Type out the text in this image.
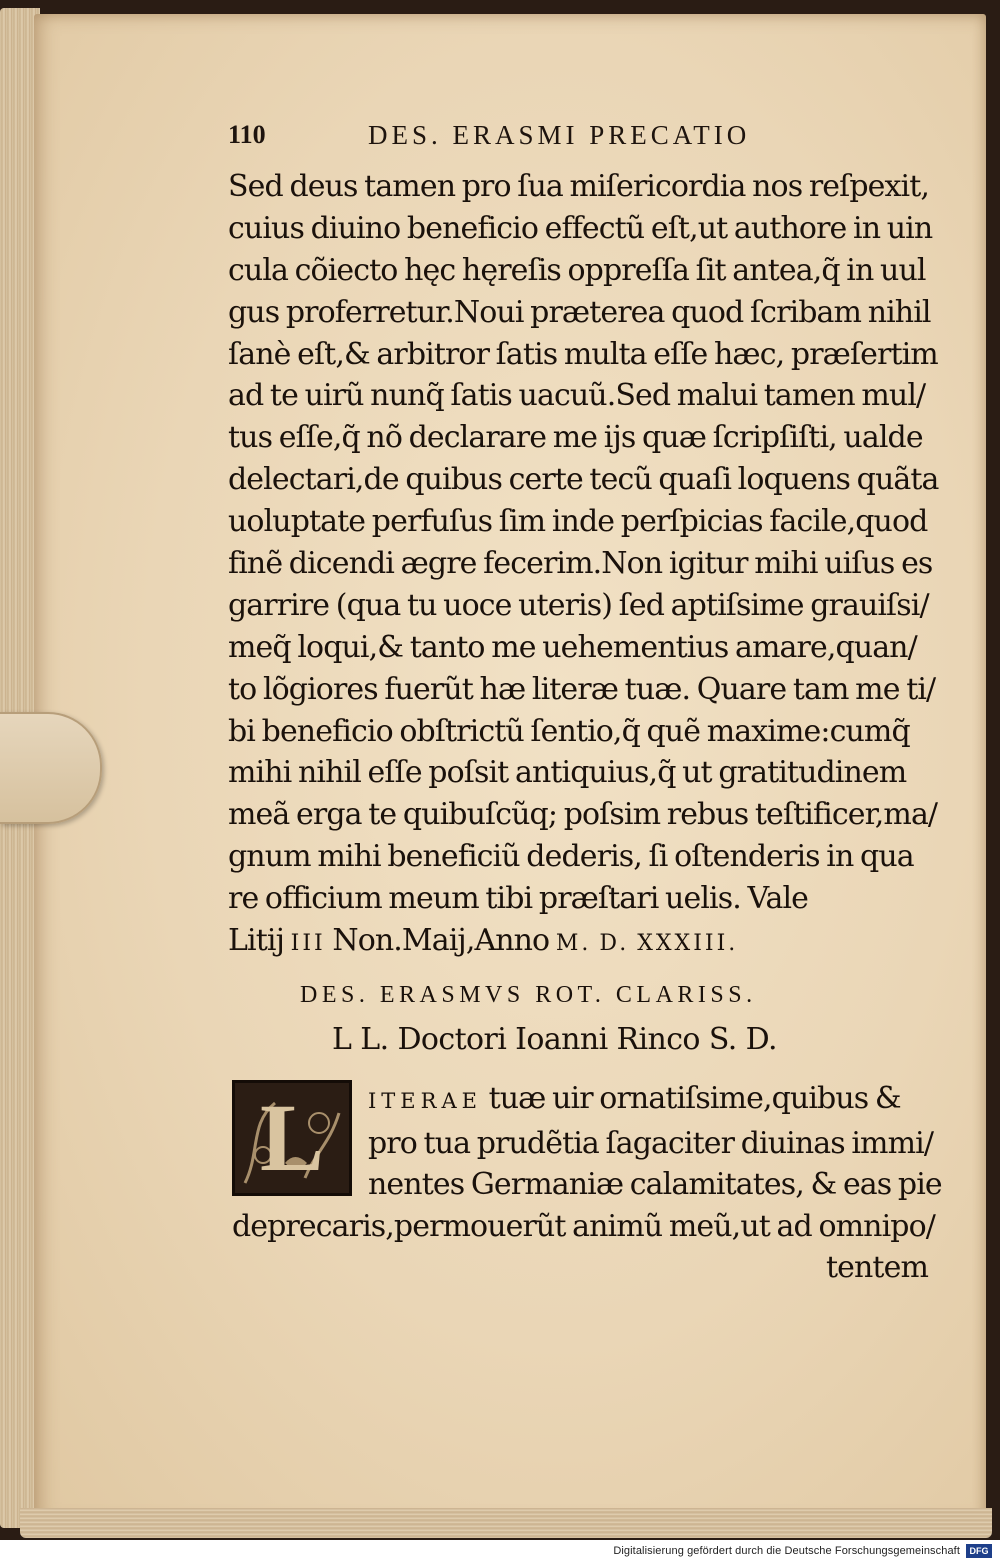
110	DES. ERASMI PRECATIO
Sed deus tamen pro ſua miſericordia nos reſpexit,
cuius diuino beneficio effectũ eſt,ut authore in uin
cula cõiecto hęc hęreſis oppreſſa ſit antea,q̃ in uul
gus proferretur.Noui præterea quod ſcribam nihil
ſanè eſt,& arbitror ſatis multa eſſe hæc, præſertim
ad te uirũ nunq̃ ſatis uacuũ.Sed malui tamen mul/
tus eſſe,q̃ nõ declarare me ijs quæ ſcripſiſti, ualde
delectari,de quibus certe tecũ quaſi loquens quãta
uoluptate perfuſus ſim inde perſpicias facile,quod
finẽ dicendi ægre fecerim.Non igitur mihi uiſus es
garrire (qua tu uoce uteris) ſed aptiſsime grauiſsi/
meq̃ loqui,& tanto me uehementius amare,quan/
to lõgiores fuerũt hæ literæ tuæ. Quare tam me ti/
bi beneficio obſtrictũ ſentio,q̃ quẽ maxime:cumq̃
mihi nihil eſſe poſsit antiquius,q̃ ut gratitudinem
meã erga te quibuſcũq; poſsim rebus teſtificer,ma/
gnum mihi beneficiũ dederis, ſi oſtenderis in qua
re officium meum tibi præſtari uelis. Vale
Litij III Non.Maij,Anno M. D. XXXIII.
DES. ERASMVS ROT. CLARISS.
L L. Doctori Ioanni Rinco S. D.
L	ITERAE tuæ uir ornatiſsime,quibus &
pro tua prudẽtia ſagaciter diuinas immi/
nentes Germaniæ calamitates, & eas pie
deprecaris,permouerũt animũ meũ,ut ad omnipo/
tentem
Digitalisierung gefördert durch die Deutsche Forschungsgemeinschaft	DFG
